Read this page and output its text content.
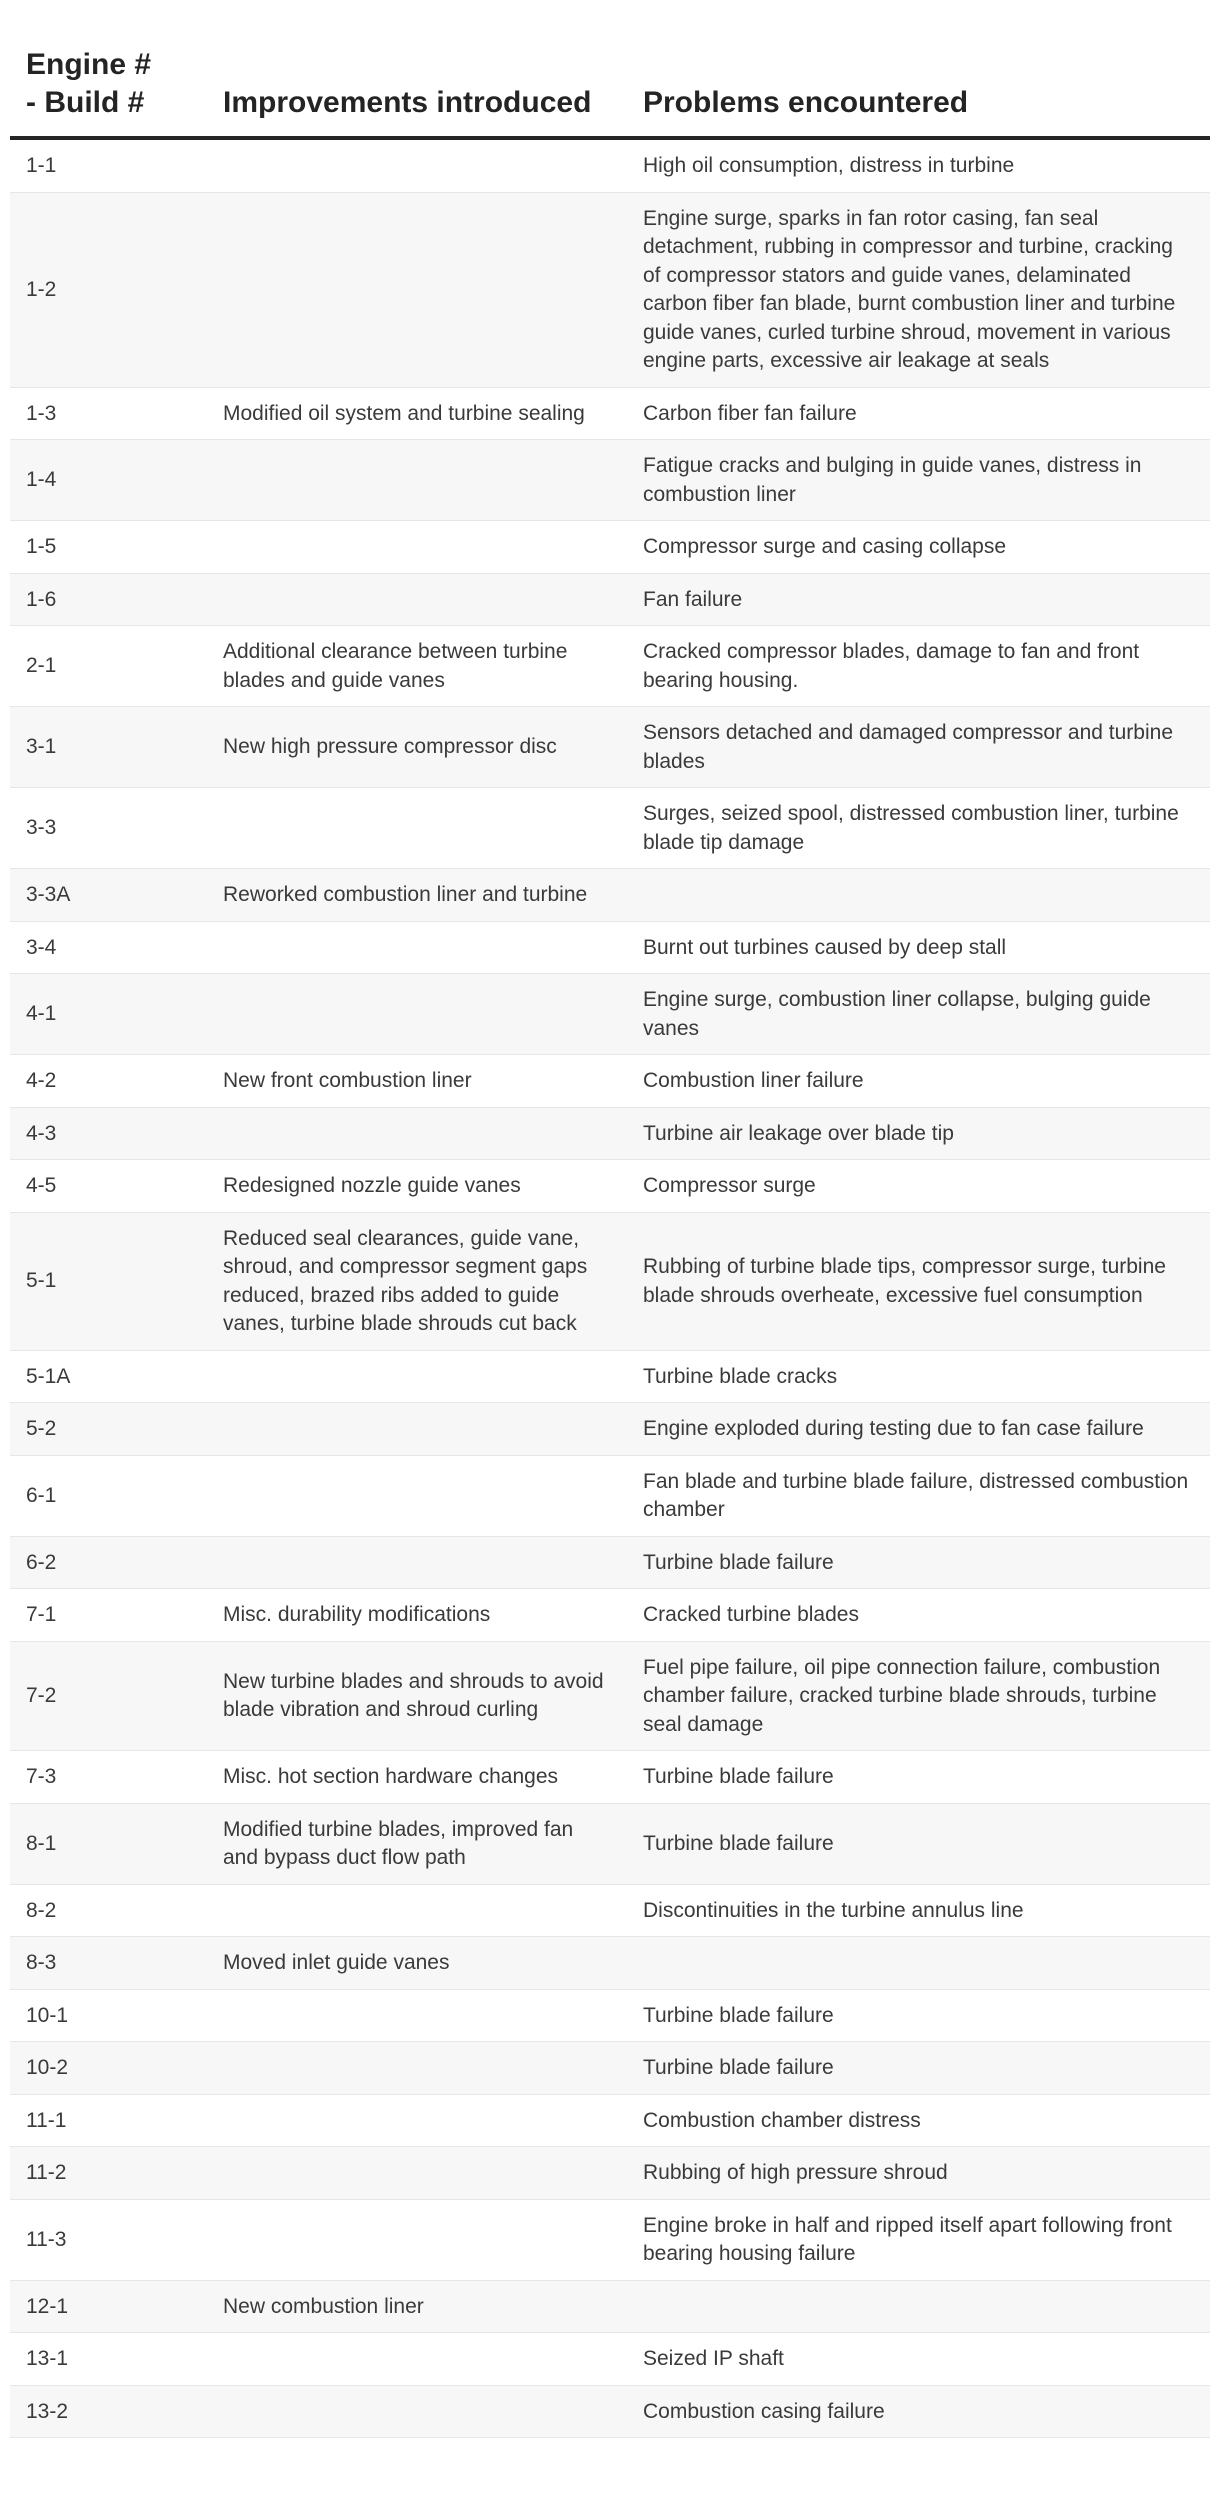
Engine #
- Build #	Improvements introduced	Problems encountered
1-1		High oil consumption, distress in turbine
1-2		Engine surge, sparks in fan rotor casing, fan seal detachment, rubbing in compressor and turbine, cracking of compressor stators and guide vanes, delaminated carbon fiber fan blade, burnt combustion liner and turbine guide vanes, curled turbine shroud, movement in various engine parts, excessive air leakage at seals
1-3	Modified oil system and turbine sealing	Carbon fiber fan failure
1-4		Fatigue cracks and bulging in guide vanes, distress in combustion liner
1-5		Compressor surge and casing collapse
1-6		Fan failure
2-1	Additional clearance between turbine blades and guide vanes	Cracked compressor blades, damage to fan and front bearing housing.
3-1	New high pressure compressor disc	Sensors detached and damaged compressor and turbine blades
3-3		Surges, seized spool, distressed combustion liner, turbine blade tip damage
3-3A	Reworked combustion liner and turbine	
3-4		Burnt out turbines caused by deep stall
4-1		Engine surge, combustion liner collapse, bulging guide vanes
4-2	New front combustion liner	Combustion liner failure
4-3		Turbine air leakage over blade tip
4-5	Redesigned nozzle guide vanes	Compressor surge
5-1	Reduced seal clearances, guide vane, shroud, and compressor segment gaps reduced, brazed ribs added to guide vanes, turbine blade shrouds cut back	Rubbing of turbine blade tips, compressor surge, turbine blade shrouds overheate, excessive fuel consumption
5-1A		Turbine blade cracks
5-2		Engine exploded during testing due to fan case failure
6-1		Fan blade and turbine blade failure, distressed combustion chamber
6-2		Turbine blade failure
7-1	Misc. durability modifications	Cracked turbine blades
7-2	New turbine blades and shrouds to avoid blade vibration and shroud curling	Fuel pipe failure, oil pipe connection failure, combustion chamber failure, cracked turbine blade shrouds, turbine seal damage
7-3	Misc. hot section hardware changes	Turbine blade failure
8-1	Modified turbine blades, improved fan and bypass duct flow path	Turbine blade failure
8-2		Discontinuities in the turbine annulus line
8-3	Moved inlet guide vanes	
10-1		Turbine blade failure
10-2		Turbine blade failure
11-1		Combustion chamber distress
11-2		Rubbing of high pressure shroud
11-3		Engine broke in half and ripped itself apart following front bearing housing failure
12-1	New combustion liner	
13-1		Seized IP shaft
13-2		Combustion casing failure
